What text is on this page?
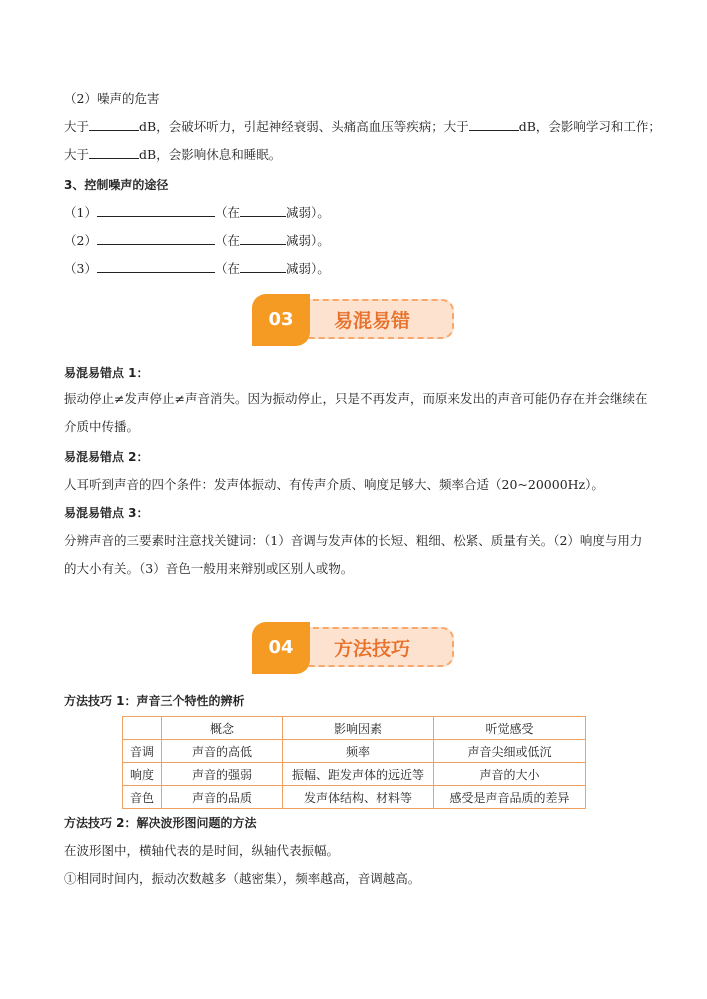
（2）噪声的危害
大于	dB，会破坏听力，引起神经衰弱、头痛高血压等疾病；大于	dB，会影响学习和工作；
大于	dB，会影响休息和睡眠。
3、控制噪声的途径
（1）	（在	减弱）。
（2）	（在	减弱）。
（3）	（在	减弱）。
易混易错
03
易混易错点 1：
振动停止≠发声停止≠声音消失。因为振动停止，只是不再发声，而原来发出的声音可能仍存在并会继续在
介质中传播。
易混易错点 2：
人耳听到声音的四个条件：发声体振动、有传声介质、响度足够大、频率合适（20~20000Hz）。
易混易错点 3：
分辨声音的三要素时注意找关键词：（1）音调与发声体的长短、粗细、松紧、质量有关。（2）响度与用力
的大小有关。（3）音色一般用来辩别或区别人或物。
方法技巧
04
方法技巧 1：声音三个特性的辨析
	概念	影响因素	听觉感受
音调	声音的高低	频率	声音尖细或低沉
响度	声音的强弱	振幅、距发声体的远近等	声音的大小
音色	声音的品质	发声体结构、材料等	感受是声音品质的差异
方法技巧 2：解决波形图问题的方法
在波形图中，横轴代表的是时间，纵轴代表振幅。
①相同时间内，振动次数越多（越密集），频率越高，音调越高。
